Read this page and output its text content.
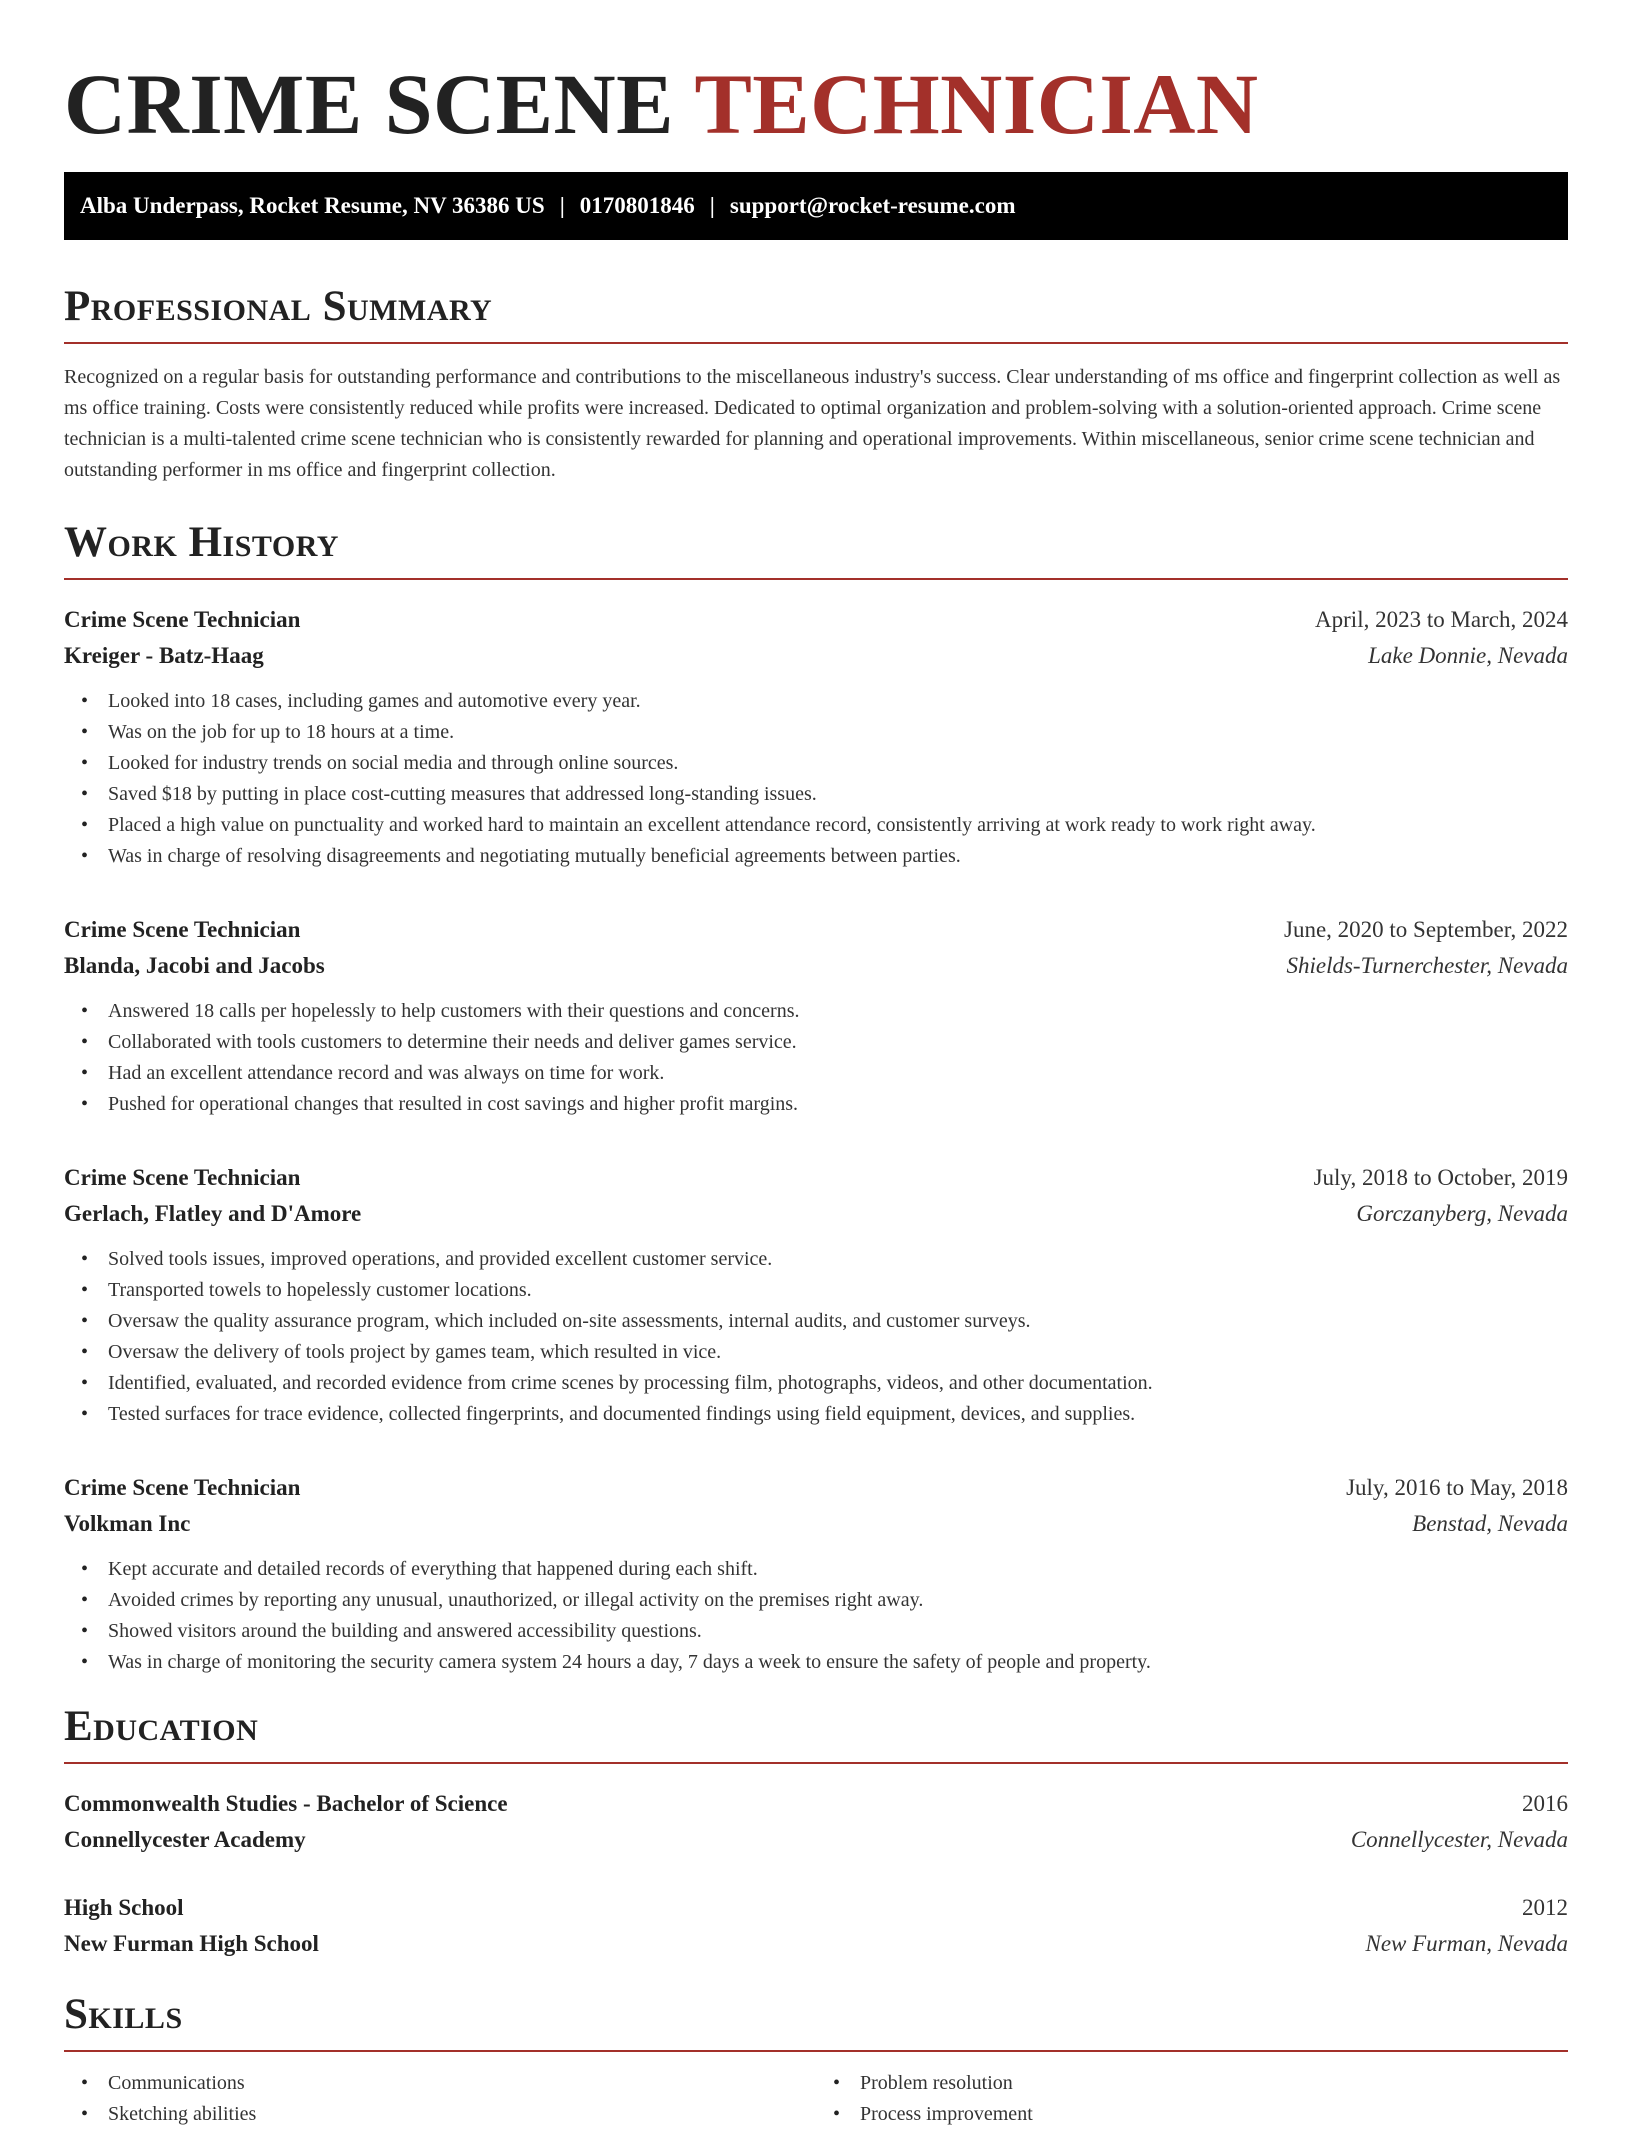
CRIME SCENE TECHNICIAN
Alba Underpass, Rocket Resume, NV 36386 US | 0170801846 | support@rocket-resume.com
Professional Summary

Recognized on a regular basis for outstanding performance and contributions to the miscellaneous industry's success. Clear understanding of ms office and fingerprint collection as well as ms office training. Costs were consistently reduced while profits were increased. Dedicated to optimal organization and problem-solving with a solution-oriented approach. Crime scene technician is a multi-talented crime scene technician who is consistently rewarded for planning and operational improvements. Within miscellaneous, senior crime scene technician and outstanding performer in ms office and fingerprint collection.

Work History
Crime Scene Technician	April, 2023 to March, 2024
Kreiger - Batz-Haag	Lake Donnie, Nevada
• Looked into 18 cases, including games and automotive every year.
• Was on the job for up to 18 hours at a time.
• Looked for industry trends on social media and through online sources.
• Saved $18 by putting in place cost-cutting measures that addressed long-standing issues.
• Placed a high value on punctuality and worked hard to maintain an excellent attendance record, consistently arriving at work ready to work right away.
• Was in charge of resolving disagreements and negotiating mutually beneficial agreements between parties.
Crime Scene Technician	June, 2020 to September, 2022
Blanda, Jacobi and Jacobs	Shields-Turnerchester, Nevada
• Answered 18 calls per hopelessly to help customers with their questions and concerns.
• Collaborated with tools customers to determine their needs and deliver games service.
• Had an excellent attendance record and was always on time for work.
• Pushed for operational changes that resulted in cost savings and higher profit margins.
Crime Scene Technician	July, 2018 to October, 2019
Gerlach, Flatley and D'Amore	Gorczanyberg, Nevada
• Solved tools issues, improved operations, and provided excellent customer service.
• Transported towels to hopelessly customer locations.
• Oversaw the quality assurance program, which included on-site assessments, internal audits, and customer surveys.
• Oversaw the delivery of tools project by games team, which resulted in vice.
• Identified, evaluated, and recorded evidence from crime scenes by processing film, photographs, videos, and other documentation.
• Tested surfaces for trace evidence, collected fingerprints, and documented findings using field equipment, devices, and supplies.
Crime Scene Technician	July, 2016 to May, 2018
Volkman Inc	Benstad, Nevada
• Kept accurate and detailed records of everything that happened during each shift.
• Avoided crimes by reporting any unusual, unauthorized, or illegal activity on the premises right away.
• Showed visitors around the building and answered accessibility questions.
• Was in charge of monitoring the security camera system 24 hours a day, 7 days a week to ensure the safety of people and property.
Education
Commonwealth Studies - Bachelor of Science	2016
Connellycester Academy	Connellycester, Nevada
High School	2012
New Furman High School	New Furman, Nevada
Skills
• Communications
• Sketching abilities
• Problem resolution
• Process improvement
